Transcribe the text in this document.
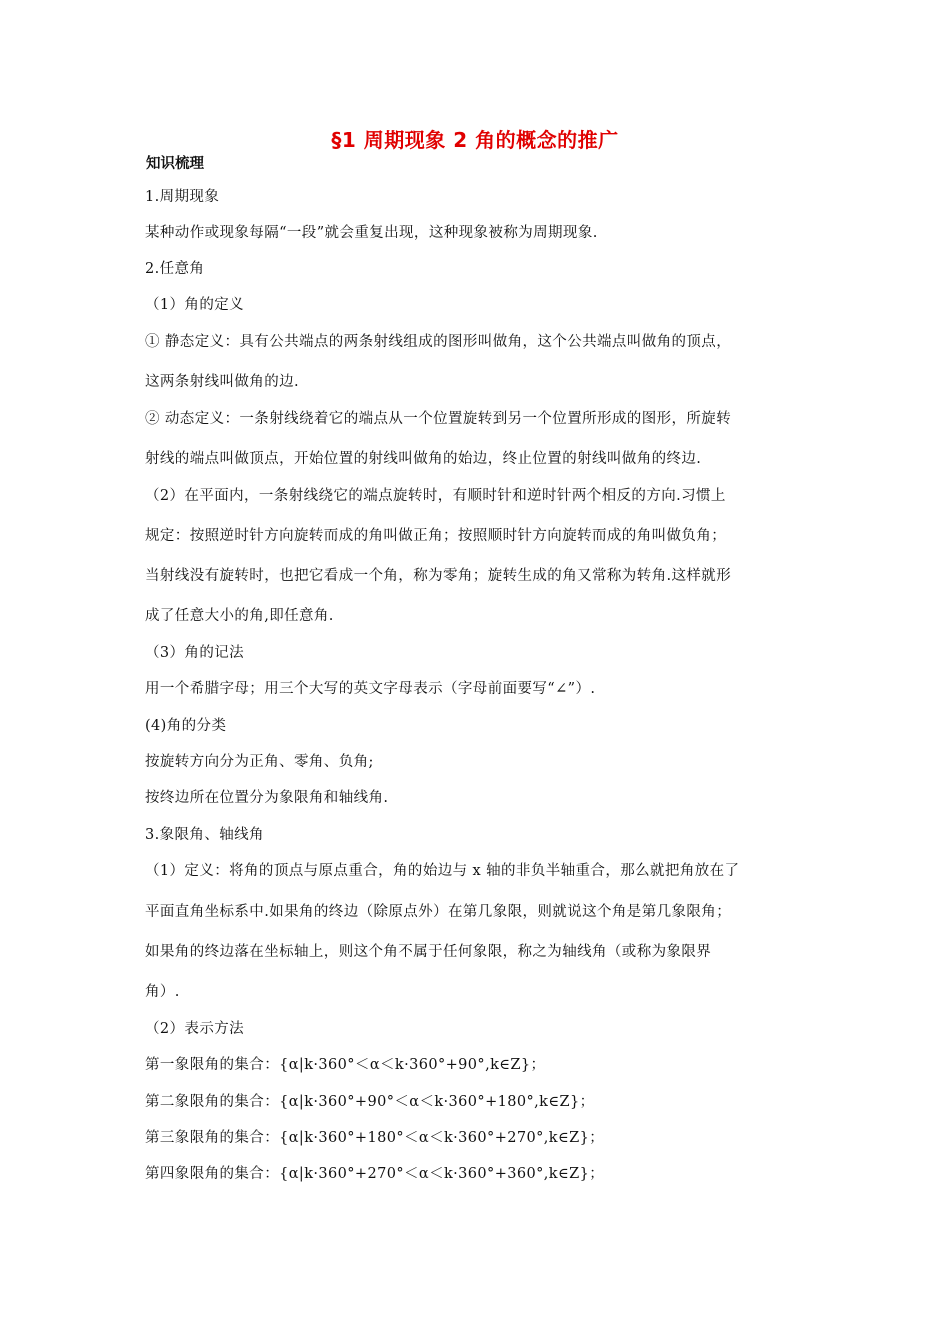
§1 周期现象 2 角的概念的推广
知识梳理
1.周期现象
某种动作或现象每隔“一段”就会重复出现，这种现象被称为周期现象.
2.任意角
（1）角的定义
① 静态定义：具有公共端点的两条射线组成的图形叫做角，这个公共端点叫做角的顶点，
这两条射线叫做角的边.
② 动态定义：一条射线绕着它的端点从一个位置旋转到另一个位置所形成的图形，所旋转
射线的端点叫做顶点，开始位置的射线叫做角的始边，终止位置的射线叫做角的终边.
（2）在平面内，一条射线绕它的端点旋转时，有顺时针和逆时针两个相反的方向.习惯上
规定：按照逆时针方向旋转而成的角叫做正角；按照顺时针方向旋转而成的角叫做负角；
当射线没有旋转时，也把它看成一个角，称为零角；旋转生成的角又常称为转角.这样就形
成了任意大小的角,即任意角.
（3）角的记法
用一个希腊字母；用三个大写的英文字母表示（字母前面要写“∠”）.
(4)角的分类
按旋转方向分为正角、零角、负角;
按终边所在位置分为象限角和轴线角.
3.象限角、轴线角
（1）定义：将角的顶点与原点重合，角的始边与 x 轴的非负半轴重合，那么就把角放在了
平面直角坐标系中.如果角的终边（除原点外）在第几象限，则就说这个角是第几象限角；
如果角的终边落在坐标轴上，则这个角不属于任何象限，称之为轴线角（或称为象限界
角）.
（2）表示方法
第一象限角的集合：{α|k·360°＜α＜k·360°+90°,k∈Z}；
第二象限角的集合：{α|k·360°+90°＜α＜k·360°+180°,k∈Z}；
第三象限角的集合：{α|k·360°+180°＜α＜k·360°+270°,k∈Z}；
第四象限角的集合：{α|k·360°+270°＜α＜k·360°+360°,k∈Z}；
